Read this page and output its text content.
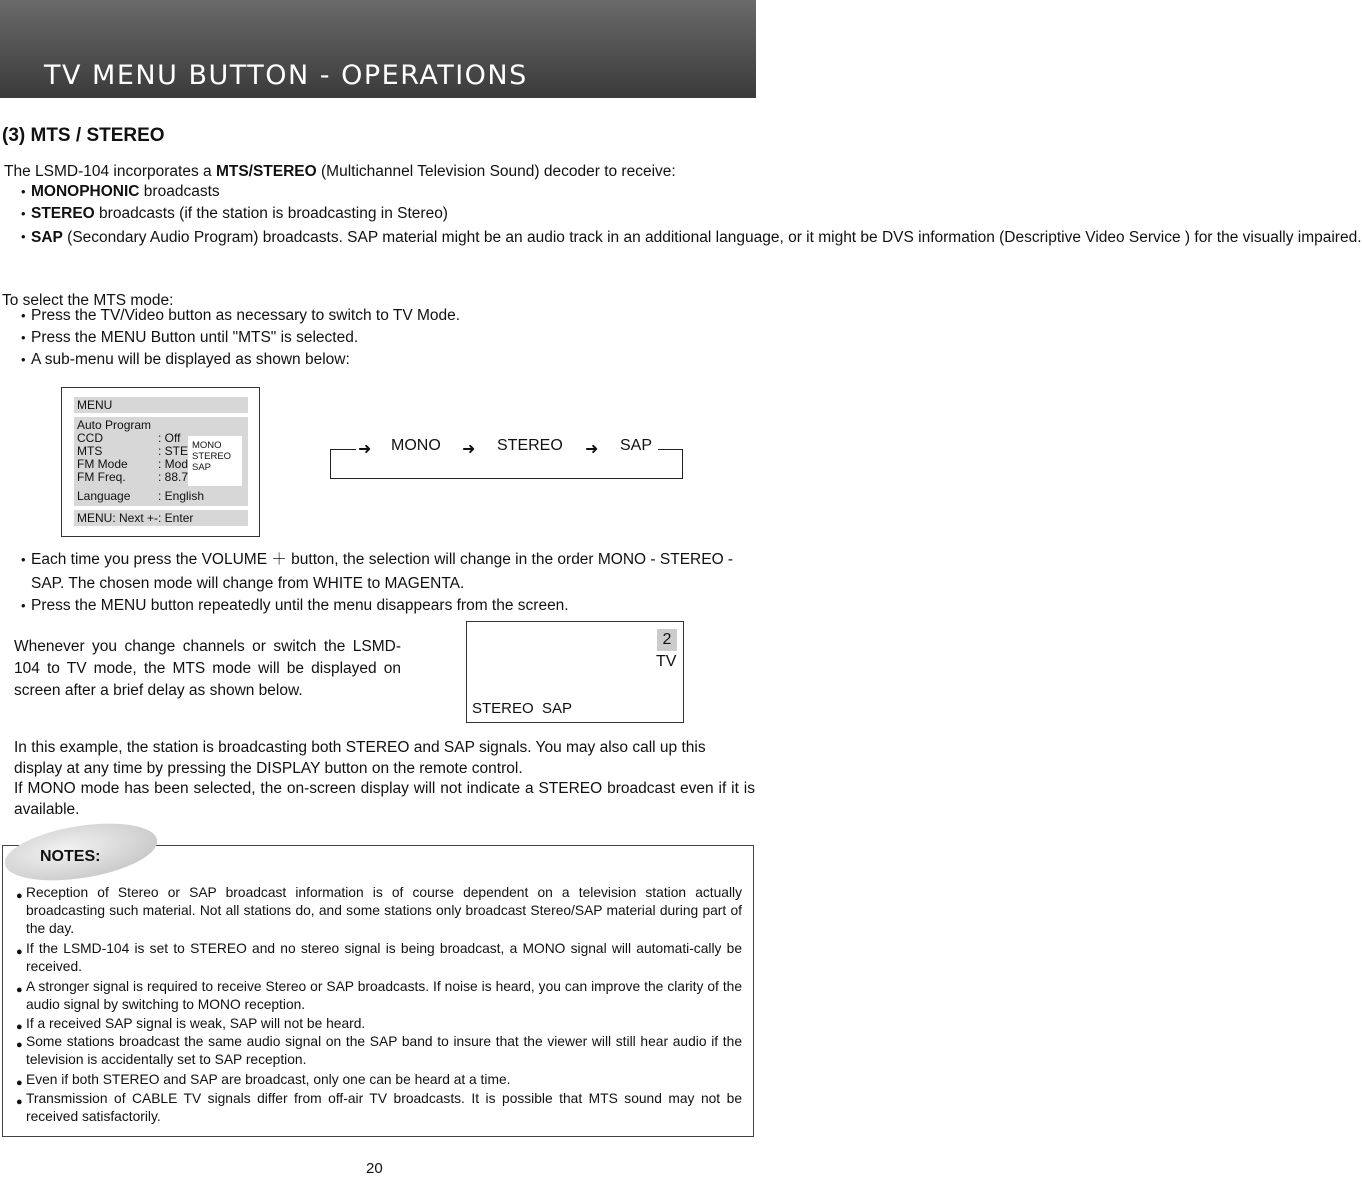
TV MENU BUTTON - OPERATIONS
(3) MTS / STEREO
The LSMD-104 incorporates a MTS/STEREO (Multichannel Television Sound) decoder to receive:
• MONOPHONIC broadcasts
• STEREO broadcasts (if the station is broadcasting in Stereo)
• SAP (Secondary Audio Program) broadcasts. SAP material might be an audio track in an additional language, or it might be DVS information (Descriptive Video Service ) for the visually impaired.
To select the MTS mode:
• Press the TV/Video button as necessary to switch to TV Mode.
• Press the MENU Button until "MTS" is selected.
• A sub-menu will be displayed as shown below:
MENU
Auto Program
CCD	: Off
MTS	: STE
FM Mode	: Mod
FM Freq.	: 88.7
Language : English
MONO
STEREO
SAP
MENU: Next +-: Enter
➜ MONO ➜ STEREO ➜ SAP
• Each time you press the VOLUME ＋ button, the selection will change in the order MONO - STEREO - SAP. The chosen mode will change from WHITE to MAGENTA.
• Press the MENU button repeatedly until the menu disappears from the screen.
Whenever you change channels or switch the LSMD-104 to TV mode, the MTS mode will be displayed on screen after a brief delay as shown below.
2
TV
STEREO  SAP
In this example, the station is broadcasting both STEREO and SAP signals. You may also call up this display at any time by pressing the DISPLAY button on the remote control.
If MONO mode has been selected, the on-screen display will not indicate a STEREO broadcast even if it is available.
NOTES:
● Reception of Stereo or SAP broadcast information is of course dependent on a television station actually broadcasting such material. Not all stations do, and some stations only broadcast Stereo/SAP material during part of the day.
● If the LSMD-104 is set to STEREO and no stereo signal is being broadcast, a MONO signal will automati-cally be received.
● A stronger signal is required to receive Stereo or SAP broadcasts. If noise is heard, you can improve the clarity of the audio signal by switching to MONO reception.
● If a received SAP signal is weak, SAP will not be heard.
● Some stations broadcast the same audio signal on the SAP band to insure that the viewer will still hear audio if the television is accidentally set to SAP reception.
● Even if both STEREO and SAP are broadcast, only one can be heard at a time.
● Transmission of CABLE TV signals differ from off-air TV broadcasts. It is possible that MTS sound may not be received satisfactorily.
20
